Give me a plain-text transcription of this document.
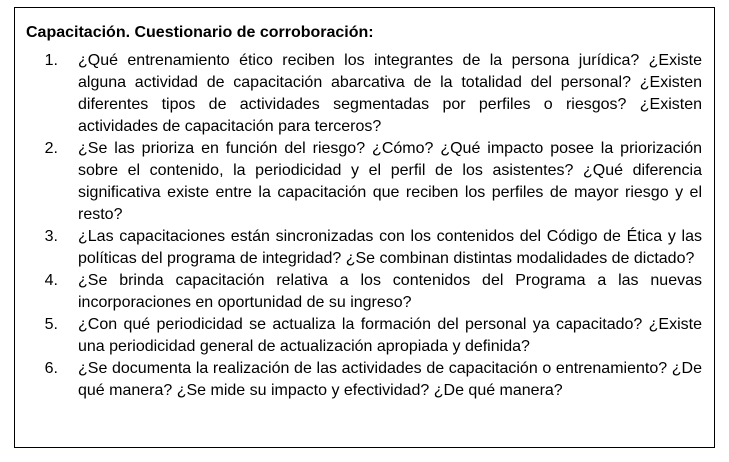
Capacitación. Cuestionario de corroboración:
1.	¿Qué entrenamiento ético reciben los integrantes de la persona jurídica? ¿Existe alguna actividad de capacitación abarcativa de la totalidad del personal? ¿Existen diferentes tipos de actividades segmentadas por perfiles o riesgos? ¿Existen actividades de capacitación para terceros?
2.	¿Se las prioriza en función del riesgo? ¿Cómo? ¿Qué impacto posee la priorización sobre el contenido, la periodicidad y el perfil de los asistentes? ¿Qué diferencia significativa existe entre la capacitación que reciben los perfiles de mayor riesgo y el resto?
3.	¿Las capacitaciones están sincronizadas con los contenidos del Código de Ética y las políticas del programa de integridad? ¿Se combinan distintas modalidades de dictado?
4.	¿Se brinda capacitación relativa a los contenidos del Programa a las nuevas incorporaciones en oportunidad de su ingreso?
5.	¿Con qué periodicidad se actualiza la formación del personal ya capacitado? ¿Existe una periodicidad general de actualización apropiada y definida?
6.	¿Se documenta la realización de las actividades de capacitación o entrenamiento? ¿De qué manera? ¿Se mide su impacto y efectividad? ¿De qué manera?
